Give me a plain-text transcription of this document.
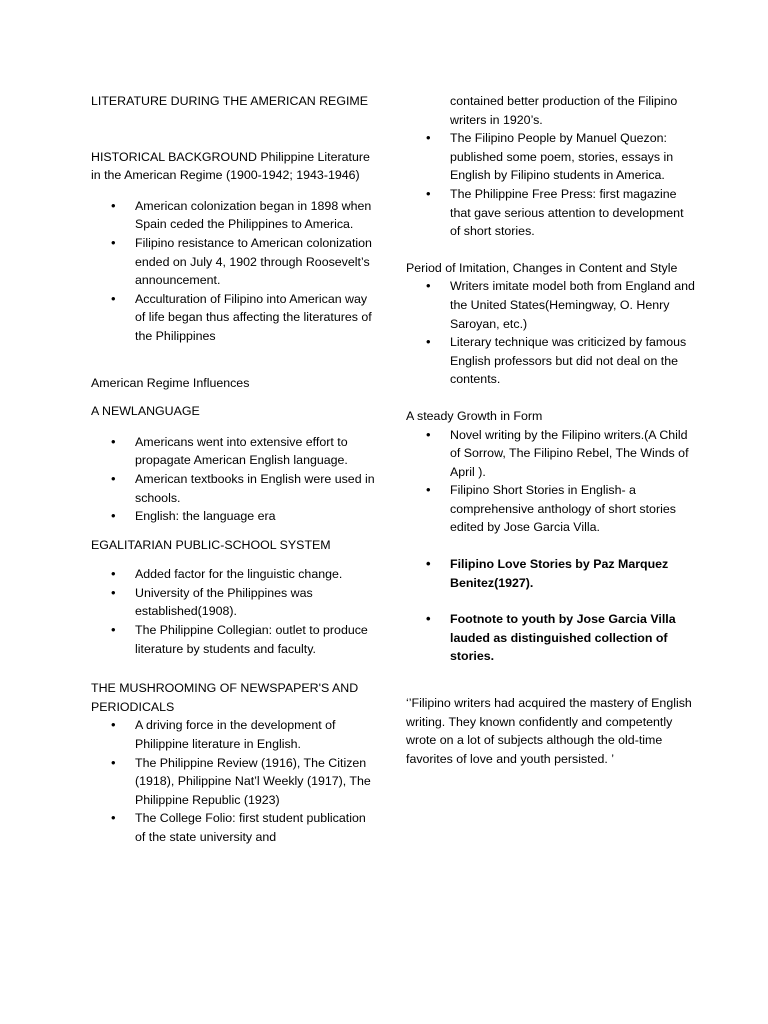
LITERATURE DURING THE AMERICAN REGIME

HISTORICAL BACKGROUND Philippine Literature in the American Regime (1900-1942; 1943-1946)

• American colonization began in 1898 when Spain ceded the Philippines to America.
• Filipino resistance to American colonization ended on July 4, 1902 through Roosevelt’s announcement.
• Acculturation of Filipino into American way of life began thus affecting the literatures of the Philippines

American Regime Influences

A NEWLANGUAGE

• Americans went into extensive effort to propagate American English language.
• American textbooks in English were used in schools.
• English: the language era

EGALITARIAN PUBLIC-SCHOOL SYSTEM

• Added factor for the linguistic change.
• University of the Philippines was established(1908).
• The Philippine Collegian: outlet to produce literature by students and faculty.

THE MUSHROOMING OF NEWSPAPER'S AND PERIODICALS

• A driving force in the development of Philippine literature in English.
• The Philippine Review (1916), The Citizen (1918), Philippine Nat’l Weekly (1917), The Philippine Republic (1923)
• The College Folio: first student publication of the state university and

contained better production of the Filipino writers in 1920’s.

• The Filipino People by Manuel Quezon: published some poem, stories, essays in English by Filipino students in America.
• The Philippine Free Press: first magazine that gave serious attention to development of short stories.

Period of Imitation, Changes in Content and Style

• Writers imitate model both from England and the United States(Hemingway, O. Henry Saroyan, etc.)
• Literary technique was criticized by famous English professors but did not deal on the contents.

A steady Growth in Form

• Novel writing by the Filipino writers.(A Child of Sorrow, The Filipino Rebel, The Winds of April ).
• Filipino Short Stories in English- a comprehensive anthology of short stories edited by Jose Garcia Villa.
• Filipino Love Stories by Paz Marquez Benitez(1927).
• Footnote to youth by Jose Garcia Villa lauded as distinguished collection of stories.

‘’Filipino writers had acquired the mastery of English writing. They known confidently and competently wrote on a lot of subjects although the old-time favorites of love and youth persisted. ’
